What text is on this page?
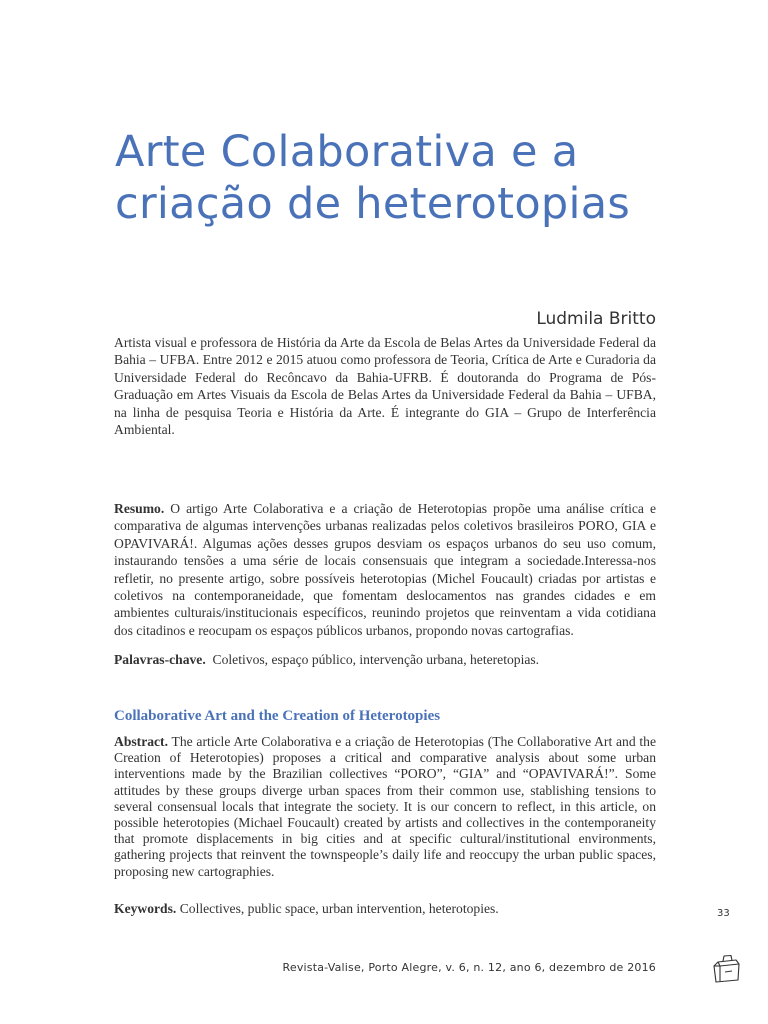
Arte Colaborativa e a
criação de heterotopias
Ludmila Britto
Artista visual e professora de História da Arte da Escola de Belas Artes da Universidade Federal da Bahia – UFBA. Entre 2012 e 2015 atuou como professora de Teoria, Crítica de Arte e Curadoria da Universidade Federal do Recôncavo da Bahia-UFRB. É doutoranda do Programa de Pós-Graduação em Artes Visuais da Escola de Belas Artes da Universidade Federal da Bahia – UFBA, na linha de pesquisa Teoria e História da Arte. É integrante do GIA – Grupo de Interferência Ambiental.
Resumo. O artigo Arte Colaborativa e a criação de Heterotopias propõe uma análise crítica e comparativa de algumas intervenções urbanas realizadas pelos coletivos brasileiros PORO, GIA e OPAVIVARÁ!. Algumas ações desses grupos desviam os espaços urbanos do seu uso comum, instaurando tensões a uma série de locais consensuais que integram a sociedade.Interessa-nos refletir, no presente artigo, sobre possíveis heterotopias (Michel Foucault) criadas por artistas e coletivos na contemporaneidade, que fomentam deslocamentos nas grandes cidades e em ambientes culturais/institucionais específicos, reunindo projetos que reinventam a vida cotidiana dos citadinos e reocupam os espaços públicos urbanos, propondo novas cartografias.
Palavras-chave. Coletivos, espaço público, intervenção urbana, heteretopias.
Collaborative Art and the Creation of Heterotopies
Abstract. The article Arte Colaborativa e a criação de Heterotopias (The Collaborative Art and the Creation of Heterotopies) proposes a critical and comparative analysis about some urban interventions made by the Brazilian collectives “PORO”, “GIA” and “OPAVIVARÁ!”. Some attitudes by these groups diverge urban spaces from their common use, stablishing tensions to several consensual locals that integrate the society. It is our concern to reflect, in this article, on possible heterotopies (Michael Foucault) created by artists and collectives in the contemporaneity that promote displacements in big cities and at specific cultural/institutional environments, gathering projects that reinvent the townspeople’s daily life and reoccupy the urban public spaces, proposing new cartographies.
Keywords. Collectives, public space, urban intervention, heterotopies.	33
Revista-Valise, Porto Alegre, v. 6, n. 12, ano 6, dezembro de 2016
